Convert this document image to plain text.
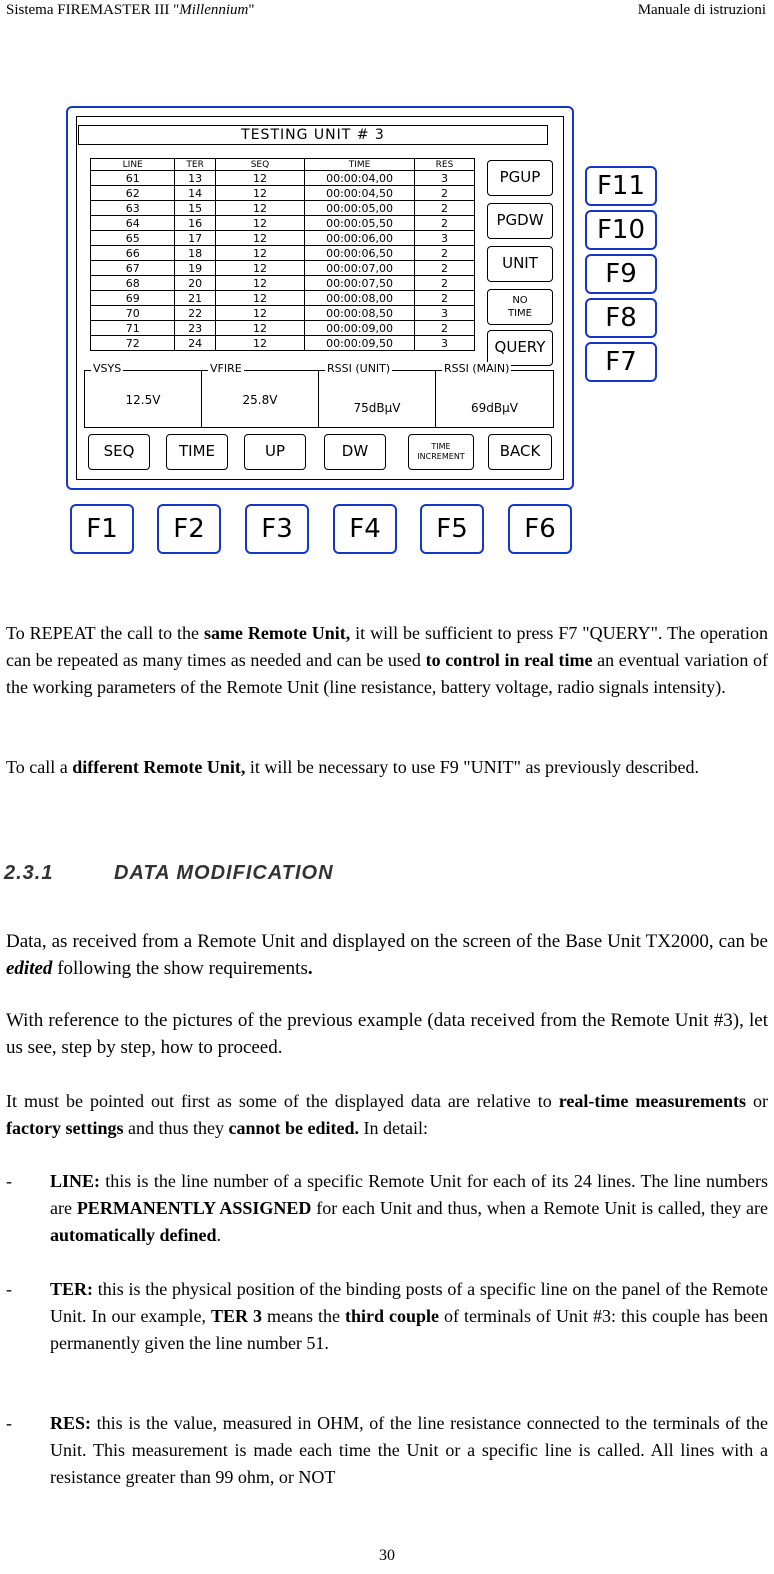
Sistema FIREMASTER III "Millennium"	Manuale di istruzioni
TESTING UNIT # 3
LINE	TER	SEQ	TIME	RES
61	13	12	00:00:04,00	3
62	14	12	00:00:04,50	2
63	15	12	00:00:05,00	2
64	16	12	00:00:05,50	2
65	17	12	00:00:06,00	3
66	18	12	00:00:06,50	2
67	19	12	00:00:07,00	2
68	20	12	00:00:07,50	2
69	21	12	00:00:08,00	2
70	22	12	00:00:08,50	3
71	23	12	00:00:09,00	2
72	24	12	00:00:09,50	3
PGUP
PGDW
UNIT
NO
TIME
QUERY
VSYS
12.5V
VFIRE
25.8V
RSSI (UNIT)
75dBμV
RSSI (MAIN)
69dBμV
SEQ	TIME	UP	DW	TIME
INCREMENT	BACK
F11
F10
F9
F8
F7
F1	F2	F3	F4	F5	F6
To REPEAT the call to the same Remote Unit, it will be sufficient to press F7 "QUERY". The operation can be repeated as many times as needed and can be used to control in real time an eventual variation of the working parameters of the Remote Unit (line resistance, battery voltage, radio signals intensity).
To call a different Remote Unit, it will be necessary to use F9 "UNIT" as previously described.
2.3.1	DATA MODIFICATION
Data, as received from a Remote Unit and displayed on the screen of the Base Unit TX2000, can be edited following the show requirements.
With reference to the pictures of the previous example (data received from the Remote Unit #3), let us see, step by step, how to proceed.
It must be pointed out first as some of the displayed data are relative to real-time measurements or factory settings and thus they cannot be edited. In detail:
- LINE: this is the line number of a specific Remote Unit for each of its 24 lines. The line numbers are PERMANENTLY ASSIGNED for each Unit and thus, when a Remote Unit is called, they are automatically defined.
- TER: this is the physical position of the binding posts of a specific line on the panel of the Remote Unit. In our example, TER 3 means the third couple of terminals of Unit #3: this couple has been permanently given the line number 51.
- RES: this is the value, measured in OHM, of the line resistance connected to the terminals of the Unit. This measurement is made each time the Unit or a specific line is called. All lines with a resistance greater than 99 ohm, or NOT
30
